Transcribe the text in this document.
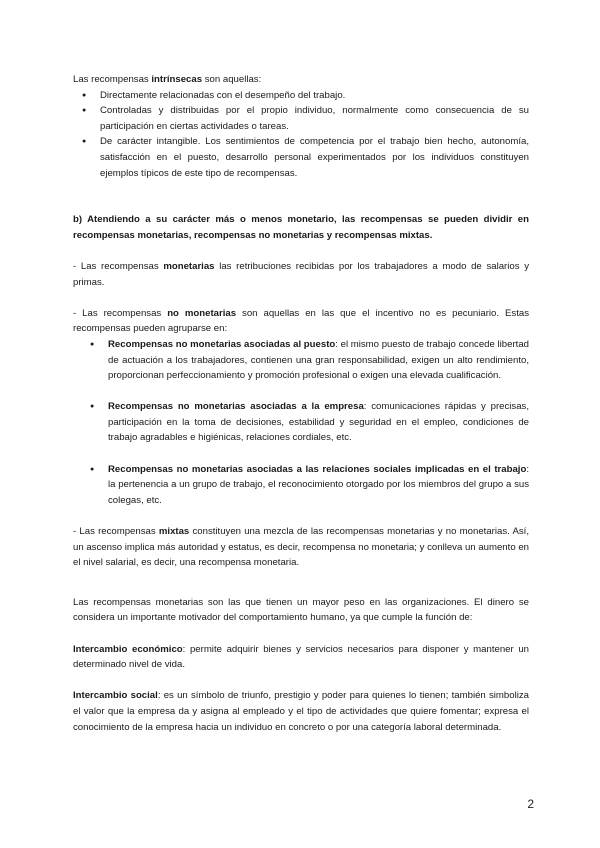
Las recompensas intrínsecas son aquellas:

● Directamente relacionadas con el desempeño del trabajo.
● Controladas y distribuidas por el propio individuo, normalmente como consecuencia de su participación en ciertas actividades o tareas.
● De carácter intangible. Los sentimientos de competencia por el trabajo bien hecho, autonomía, satisfacción en el puesto, desarrollo personal experimentados por los individuos constituyen ejemplos típicos de este tipo de recompensas.

b) Atendiendo a su carácter más o menos monetario, las recompensas se pueden dividir en recompensas monetarias, recompensas no monetarias y recompensas mixtas.

- Las recompensas monetarias las retribuciones recibidas por los trabajadores a modo de salarios y primas.

- Las recompensas no monetarias son aquellas en las que el incentivo no es pecuniario. Estas recompensas pueden agruparse en:

● Recompensas no monetarias asociadas al puesto: el mismo puesto de trabajo concede libertad de actuación a los trabajadores, contienen una gran responsabilidad, exigen un alto rendimiento, proporcionan perfeccionamiento y promoción profesional o exigen una elevada cualificación.
● Recompensas no monetarias asociadas a la empresa: comunicaciones rápidas y precisas, participación en la toma de decisiones, estabilidad y seguridad en el empleo, condiciones de trabajo agradables e higiénicas, relaciones cordiales, etc.
● Recompensas no monetarias asociadas a las relaciones sociales implicadas en el trabajo: la pertenencia a un grupo de trabajo, el reconocimiento otorgado por los miembros del grupo a sus colegas, etc.

- Las recompensas mixtas constituyen una mezcla de las recompensas monetarias y no monetarias. Así, un ascenso implica más autoridad y estatus, es decir, recompensa no monetaria; y conlleva un aumento en el nivel salarial, es decir, una recompensa monetaria.

Las recompensas monetarias son las que tienen un mayor peso en las organizaciones. El dinero se considera un importante motivador del comportamiento humano, ya que cumple la función de:

Intercambio económico: permite adquirir bienes y servicios necesarios para disponer y mantener un determinado nivel de vida.

Intercambio social: es un símbolo de triunfo, prestigio y poder para quienes lo tienen; también simboliza el valor que la empresa da y asigna al empleado y el tipo de actividades que quiere fomentar; expresa el conocimiento de la empresa hacia un individuo en concreto o por una categoría laboral determinada.

2
